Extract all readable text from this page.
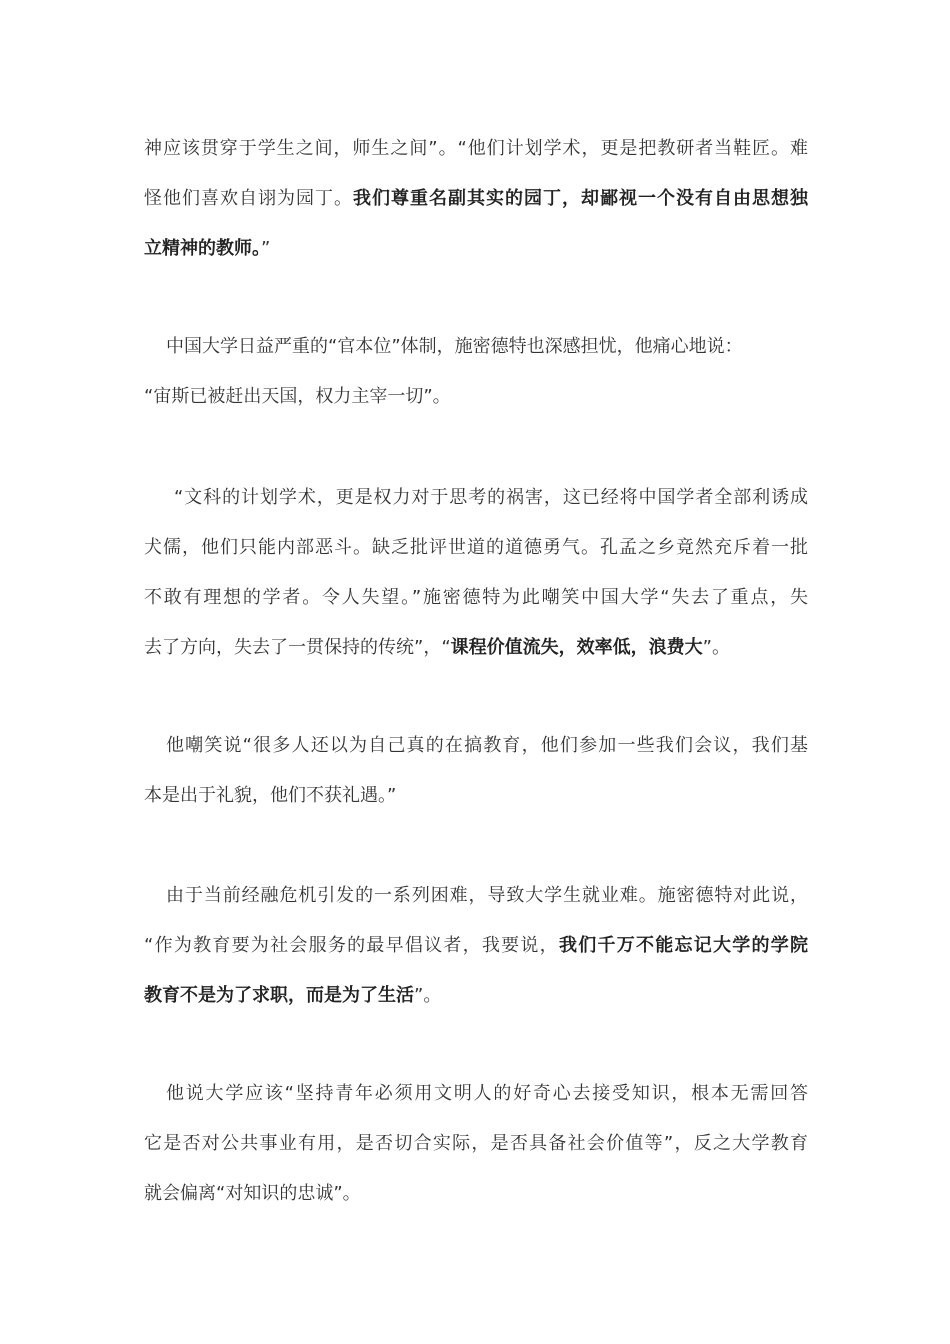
神应该贯穿于学生之间，师生之间”。“他们计划学术，更是把教研者当鞋匠。难
怪他们喜欢自诩为园丁。我们尊重名副其实的园丁，却鄙视一个没有自由思想独
立精神的教师。”
中国大学日益严重的“官本位”体制，施密德特也深感担忧，他痛心地说：
“宙斯已被赶出天国，权力主宰一切”。
“文科的计划学术，更是权力对于思考的祸害，这已经将中国学者全部利诱成
犬儒，他们只能内部恶斗。缺乏批评世道的道德勇气。孔孟之乡竟然充斥着一批
不敢有理想的学者。令人失望。”施密德特为此嘲笑中国大学“失去了重点，失
去了方向，失去了一贯保持的传统”，“课程价值流失，效率低，浪费大”。
他嘲笑说“很多人还以为自己真的在搞教育，他们参加一些我们会议，我们基
本是出于礼貌，他们不获礼遇。”
由于当前经融危机引发的一系列困难，导致大学生就业难。施密德特对此说，
“作为教育要为社会服务的最早倡议者，我要说，我们千万不能忘记大学的学院
教育不是为了求职，而是为了生活”。
他说大学应该“坚持青年必须用文明人的好奇心去接受知识，根本无需回答
它是否对公共事业有用，是否切合实际，是否具备社会价值等”，反之大学教育
就会偏离“对知识的忠诚”。
